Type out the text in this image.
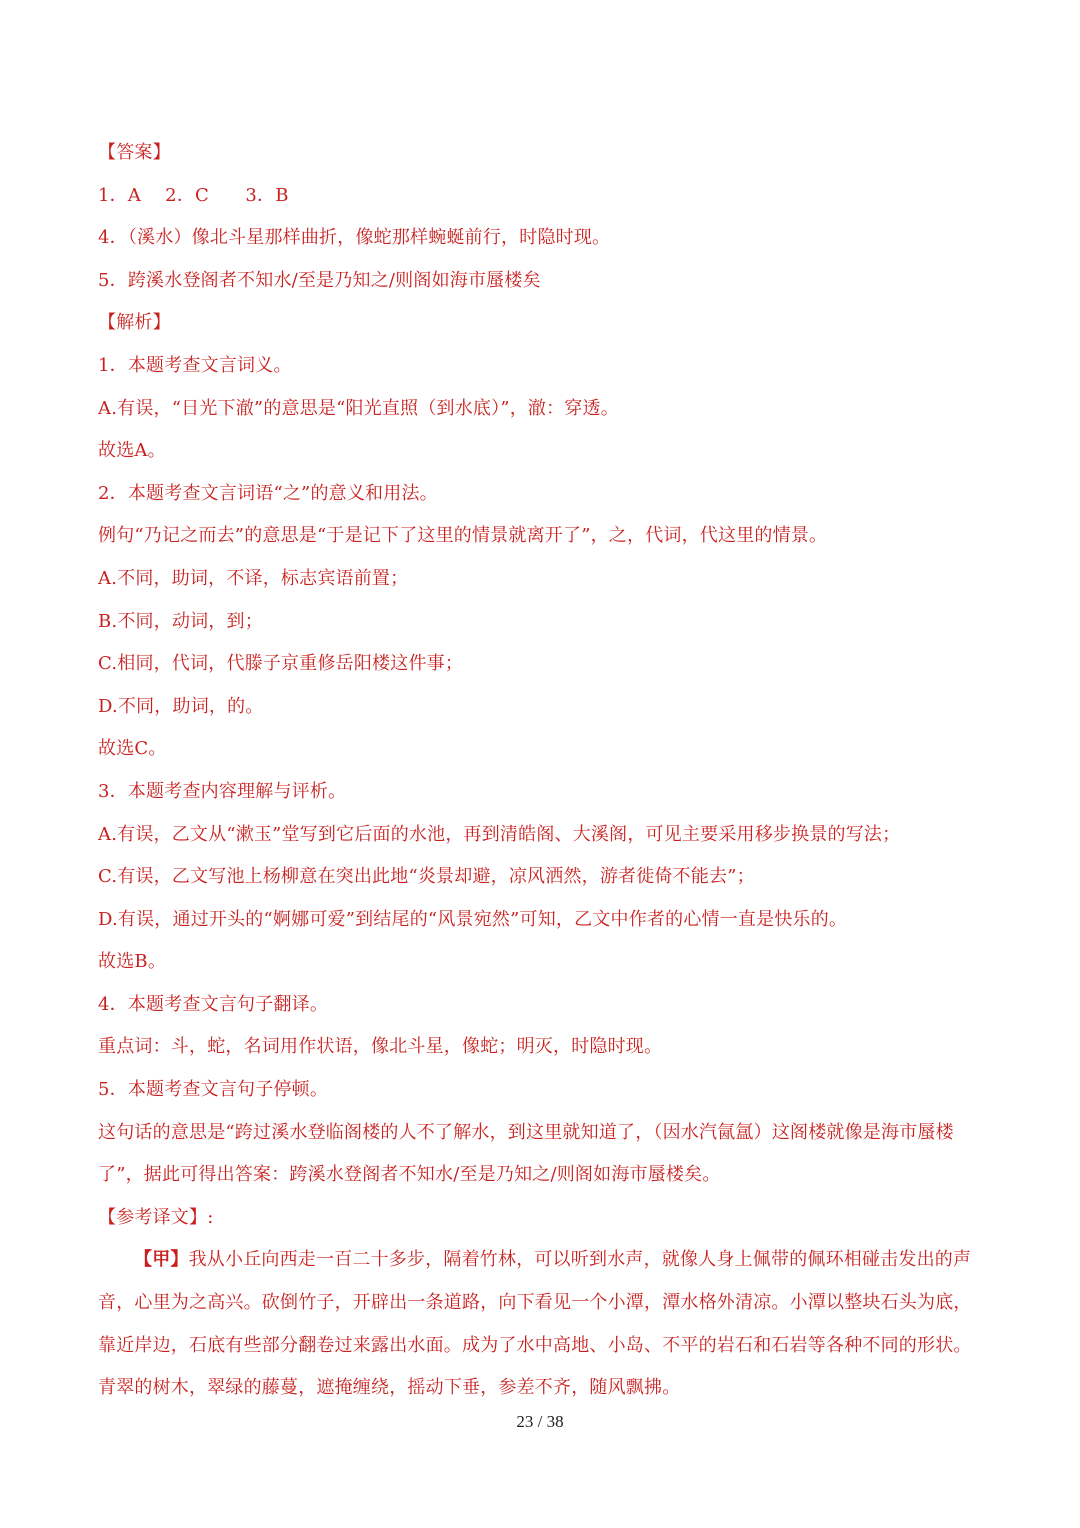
【答案】
1．A　 2．C　　3．B
4．（溪水）像北斗星那样曲折，像蛇那样蜿蜒前行，时隐时现。
5．跨溪水登阁者不知水/至是乃知之/则阁如海市蜃楼矣
【解析】
1．本题考查文言词义。
A.有误，“日光下澈”的意思是“阳光直照（到水底）”，澈：穿透。
故选A。
2．本题考查文言词语“之”的意义和用法。
例句“乃记之而去”的意思是“于是记下了这里的情景就离开了”，之，代词，代这里的情景。
A.不同，助词，不译，标志宾语前置；
B.不同，动词，到；
C.相同，代词，代滕子京重修岳阳楼这件事；
D.不同，助词，的。
故选C。
3．本题考查内容理解与评析。
A.有误，乙文从“漱玉”堂写到它后面的水池，再到清皓阁、大溪阁，可见主要采用移步换景的写法；
C.有误，乙文写池上杨柳意在突出此地“炎景却避，凉风洒然，游者徙倚不能去”；
D.有误，通过开头的“婀娜可爱”到结尾的“风景宛然”可知，乙文中作者的心情一直是快乐的。
故选B。
4．本题考查文言句子翻译。
重点词：斗，蛇，名词用作状语，像北斗星，像蛇；明灭，时隐时现。
5．本题考查文言句子停顿。
这句话的意思是“跨过溪水登临阁楼的人不了解水，到这里就知道了，（因水汽氤氲）这阁楼就像是海市蜃楼了”，据此可得出答案：跨溪水登阁者不知水/至是乃知之/则阁如海市蜃楼矣。
【参考译文】:
【甲】我从小丘向西走一百二十多步，隔着竹林，可以听到水声，就像人身上佩带的佩环相碰击发出的声音，心里为之高兴。砍倒竹子，开辟出一条道路，向下看见一个小潭，潭水格外清凉。小潭以整块石头为底，靠近岸边，石底有些部分翻卷过来露出水面。成为了水中高地、小岛、不平的岩石和石岩等各种不同的形状。青翠的树木，翠绿的藤蔓，遮掩缠绕，摇动下垂，参差不齐，随风飘拂。
23 / 38
